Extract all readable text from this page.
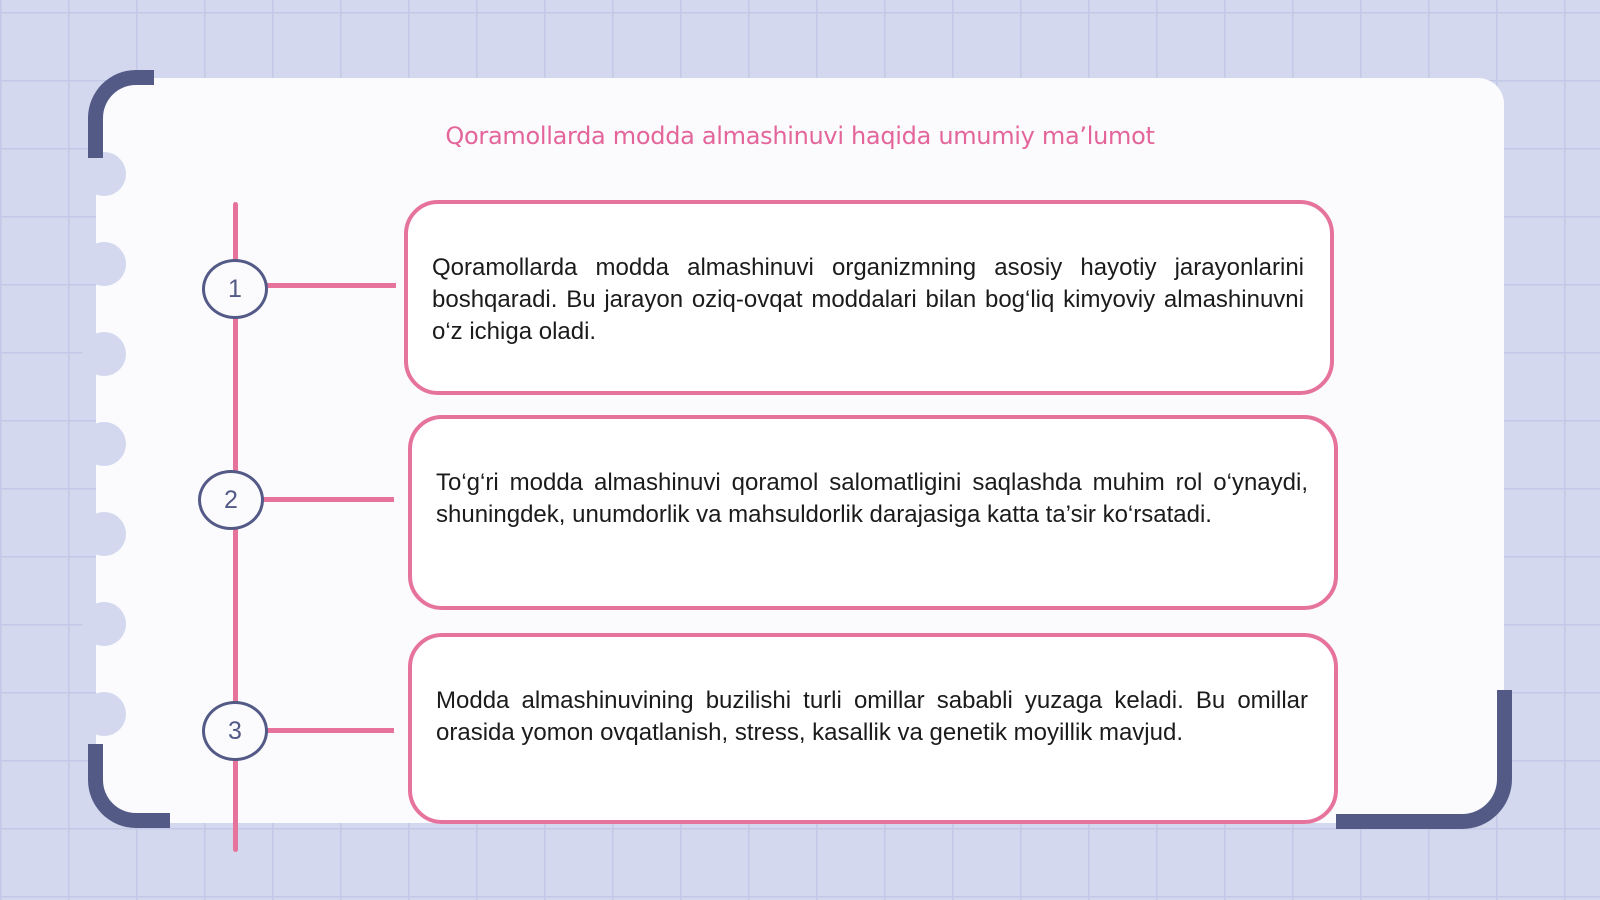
Qoramollarda modda almashinuvi haqida umumiy ma’lumot
1
2
3

Qoramollarda modda almashinuvi organizmning asosiy hayotiy jarayonlarini boshqaradi. Bu jarayon oziq-ovqat moddalari bilan bog‘liq kimyoviy almashinuvni o‘z ichiga oladi.

To‘g‘ri modda almashinuvi qoramol salomatligini saqlashda muhim rol o‘ynaydi, shuningdek, unumdorlik va mahsuldorlik darajasiga katta ta’sir ko‘rsatadi.

Modda almashinuvining buzilishi turli omillar sababli yuzaga keladi. Bu omillar orasida yomon ovqatlanish, stress, kasallik va genetik moyillik mavjud.
